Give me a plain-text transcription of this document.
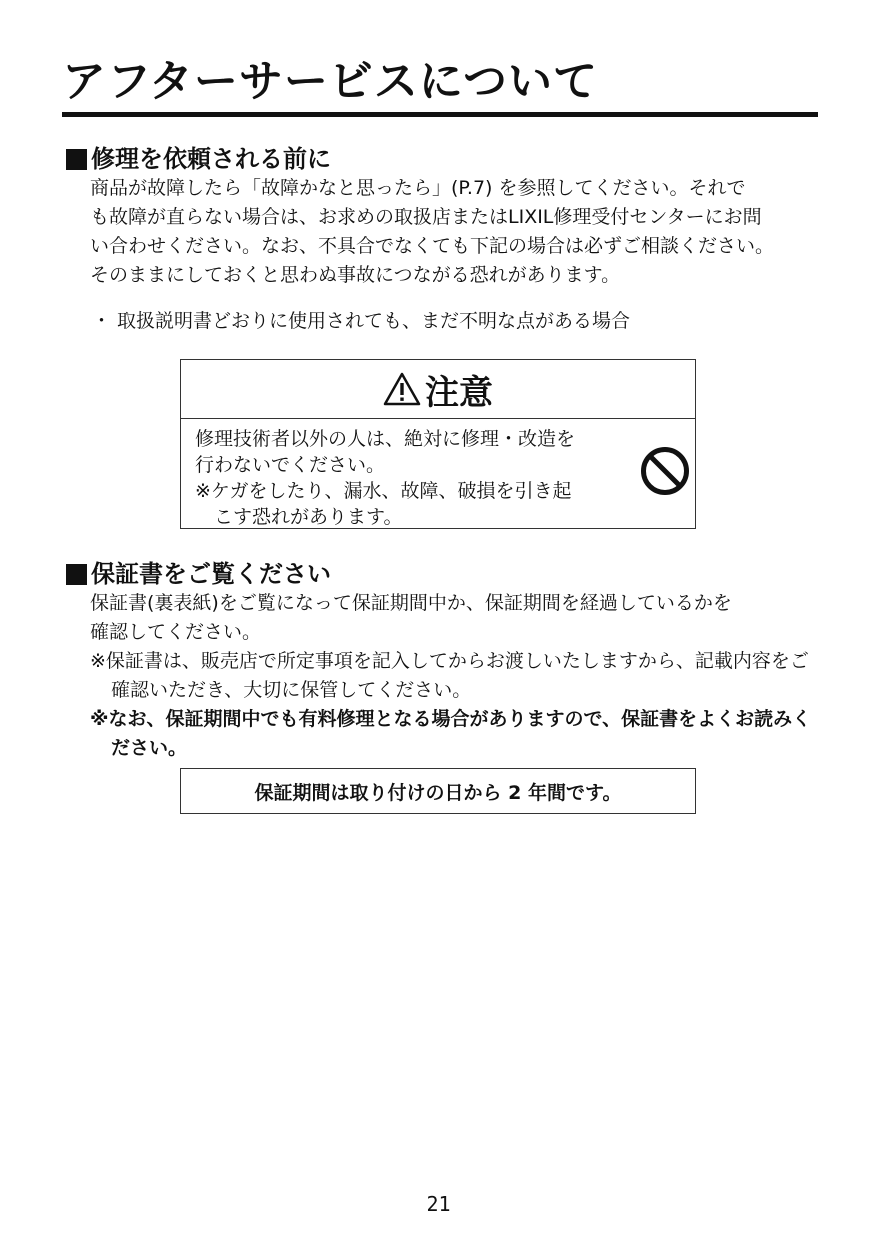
アフターサービスについて
修理を依頼される前に

商品が故障したら「故障かなと思ったら」(P.7) を参照してください。それで

も故障が直らない場合は、お求めの取扱店またはLIXIL修理受付センターにお問

い合わせください。なお、不具合でなくても下記の場合は必ずご相談ください。

そのままにしておくと思わぬ事故につながる恐れがあります。

・ 取扱説明書どおりに使用されても、まだ不明な点がある場合
注意

修理技術者以外の人は、絶対に修理・改造を

行わないでください。

※ケガをしたり、漏水、故障、破損を引き起

　こす恐れがあります。

保証書をご覧ください

保証書(裏表紙)をご覧になって保証期間中か、保証期間を経過しているかを

確認してください。

※保証書は、販売店で所定事項を記入してからお渡しいたしますから、記載内容をご確認いただき、大切に保管してください。

※なお、保証期間中でも有料修理となる場合がありますので、保証書をよくお読みください。

保証期間は取り付けの日から 2 年間です。
21
